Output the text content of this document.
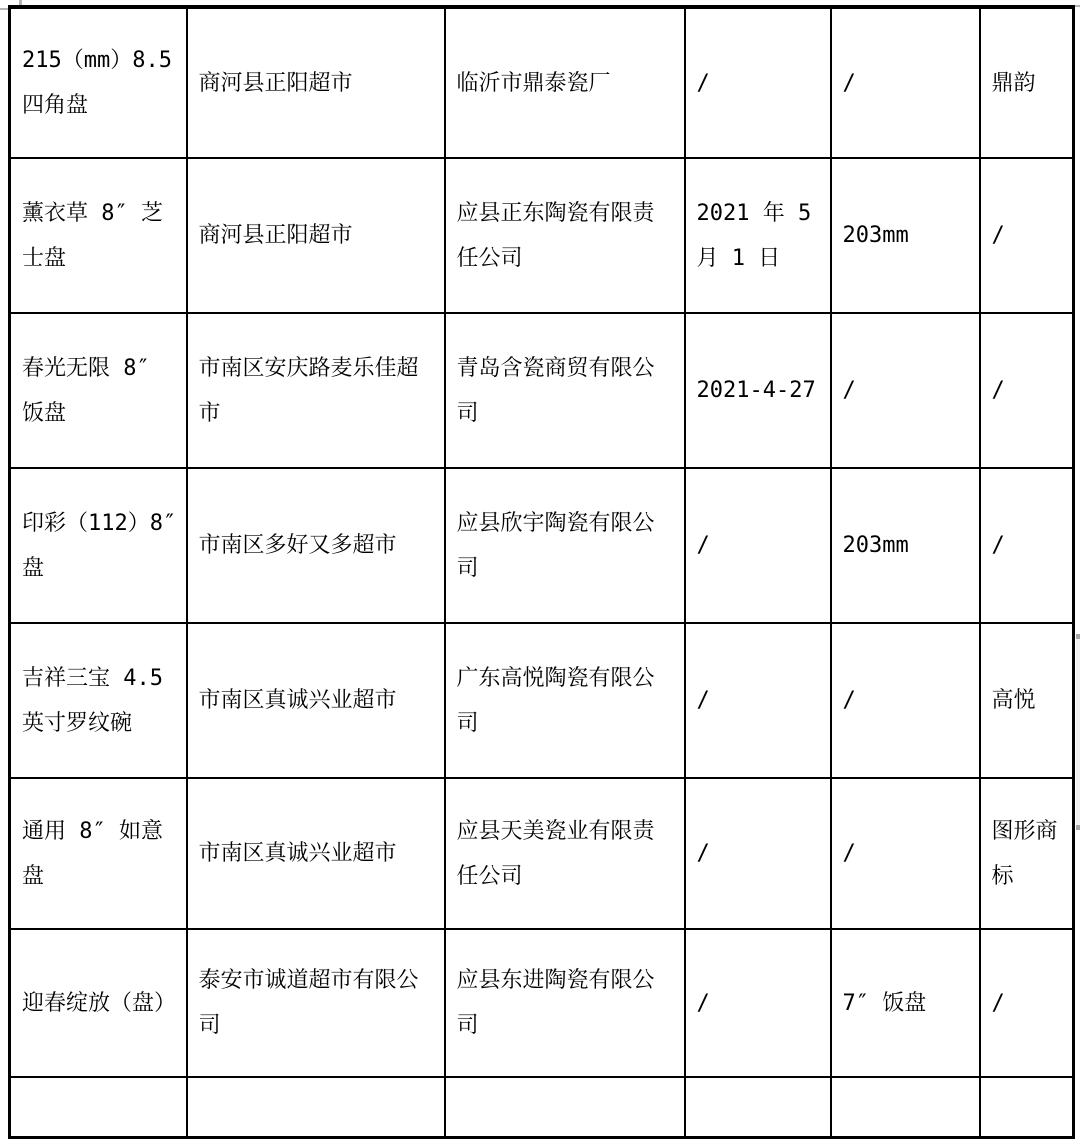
215（mm）8.5 四角盘	商河县正阳超市	临沂市鼎泰瓷厂	/	/	鼎韵
薰衣草 8″ 芝士盘	商河县正阳超市	应县正东陶瓷有限责任公司	2021 年 5 月 1 日	203mm	/
春光无限 8″ 饭盘	市南区安庆路麦乐佳超市	青岛含瓷商贸有限公司	2021-4-27	/	/
印彩（112）8″ 盘	市南区多好又多超市	应县欣宇陶瓷有限公司	/	203mm	/
吉祥三宝 4.5 英寸罗纹碗	市南区真诚兴业超市	广东高悦陶瓷有限公司	/	/	高悦
通用 8″ 如意盘	市南区真诚兴业超市	应县天美瓷业有限责任公司	/	/	图形商标
迎春绽放（盘）	泰安市诚道超市有限公司	应县东进陶瓷有限公司	/	7″ 饭盘	/
